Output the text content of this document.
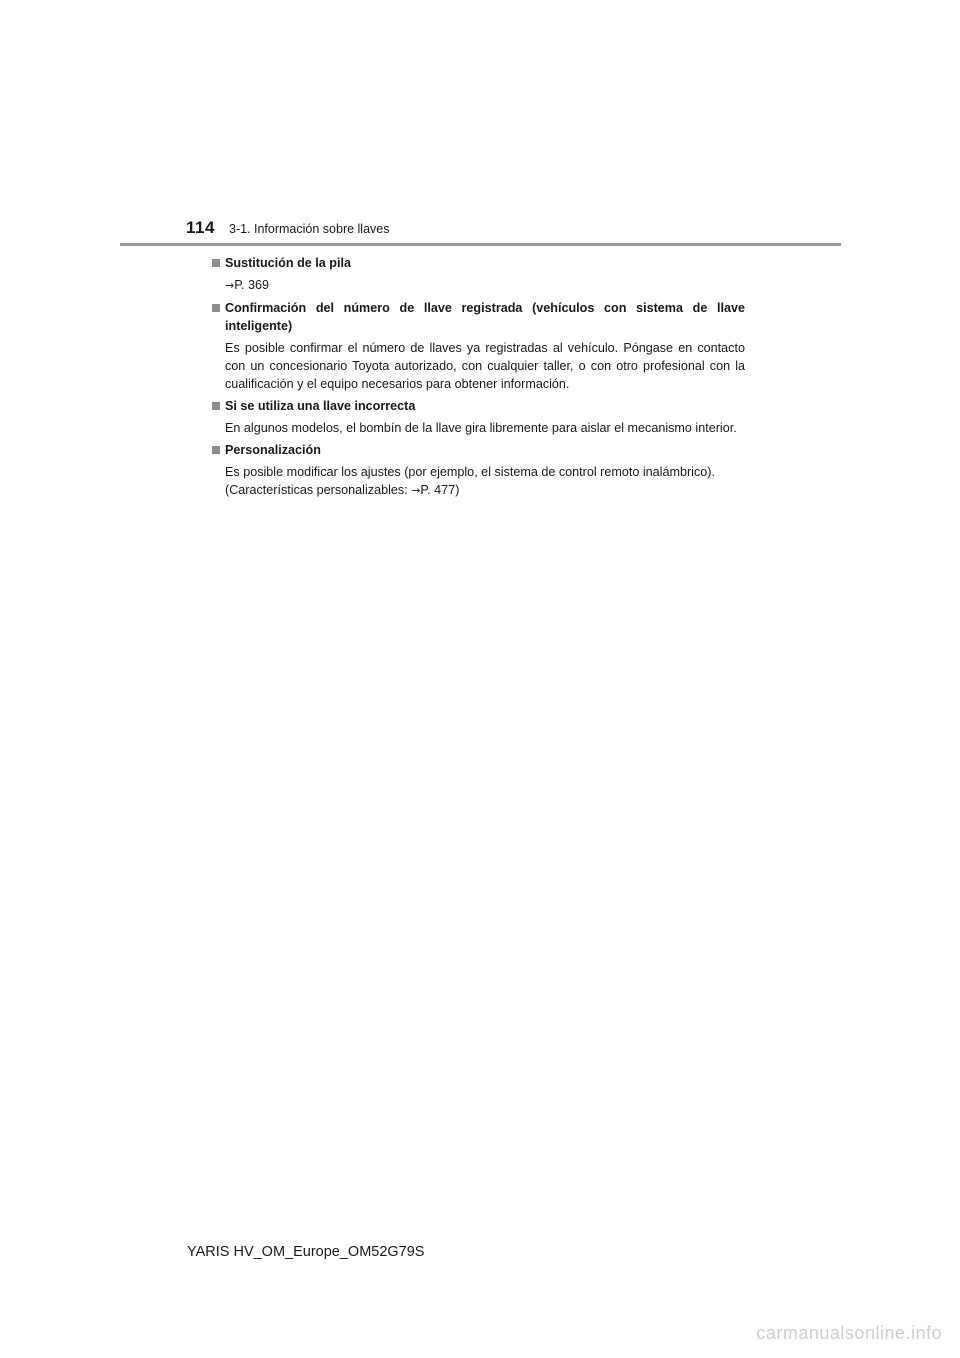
114 3-1. Información sobre llaves
Sustitución de la pila
→P. 369
Confirmación del número de llave registrada (vehículos con sistema de llave inteligente)
Es posible confirmar el número de llaves ya registradas al vehículo. Póngase en contacto con un concesionario Toyota autorizado, con cualquier taller, o con otro profesional con la cualificación y el equipo necesarios para obtener información.
Si se utiliza una llave incorrecta
En algunos modelos, el bombín de la llave gira libremente para aislar el mecanismo interior.
Personalización
Es posible modificar los ajustes (por ejemplo, el sistema de control remoto inalámbrico).
(Características personalizables: →P. 477)
YARIS HV_OM_Europe_OM52G79S
carmanualsonline.info
